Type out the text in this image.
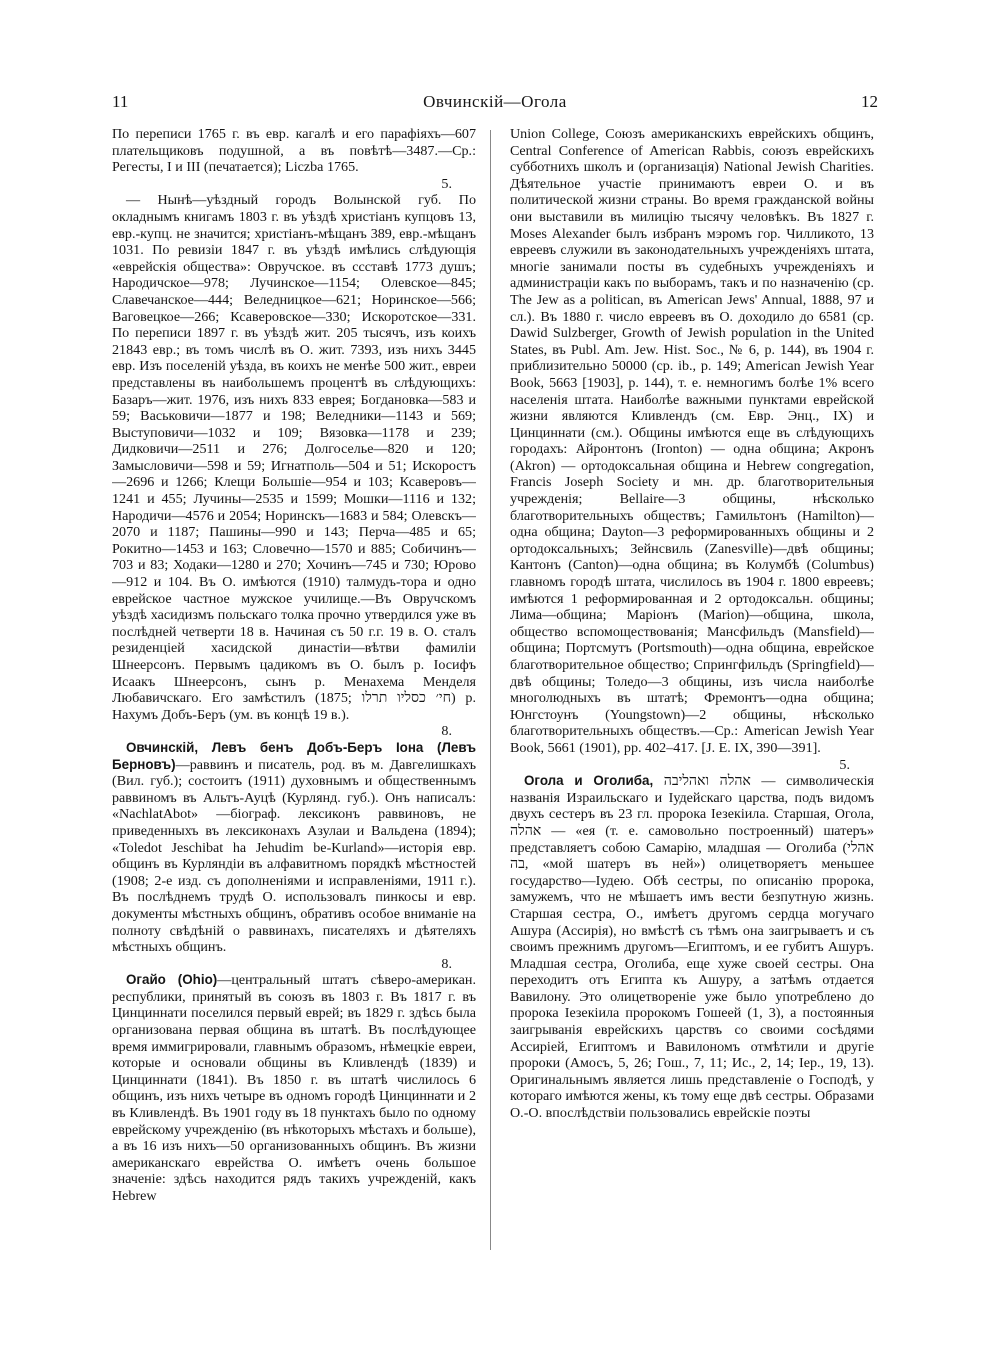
11	Овчинскій—Огола	12

По переписи 1765 г. въ евр. кагалѣ и его парафіяхъ—607 плательщиковъ подушной, а въ повѣтѣ—3487.—Ср.: Регесты, I и III (печатается); Liczba 1765.
5.

— Нынѣ—уѣздный городъ Волынской губ. По окладнымъ книгамъ 1803 г. въ уѣздѣ христіанъ купцовъ 13, евр.-купц. не значится; христіанъ-мѣщанъ 389, евр.-мѣщанъ 1031. По ревизіи 1847 г. въ уѣздѣ имѣлись слѣдующія «еврейскія общества»: Овручское. въ ссставѣ 1773 душъ; Народичское—978; Лучинское—1154; Олевское—845; Славечанское—444; Веледницкое—621; Норинское—566; Ваговецкое—266; Ксаверовское—330; Искоротское—331. По переписи 1897 г. въ уѣздѣ жит. 205 тысячъ, изъ коихъ 21843 евр.; въ томъ числѣ въ О. жит. 7393, изъ нихъ 3445 евр. Изъ поселеній уѣзда, въ коихъ не менѣе 500 жит., евреи представлены въ наибольшемъ процентѣ въ слѣдующихъ: Базаръ—жит. 1976, изъ нихъ 833 еврея; Богдановка—583 и 59; Васьковичи—1877 и 198; Веледники—1143 и 569; Выступовичи—1032 и 109; Вязовка—1178 и 239; Дидковичи—2511 и 276; Долгоселье—820 и 120; Замысловичи—598 и 59; Игнатполь—504 и 51; Искоростъ—2696 и 1266; Клещи Большіе—954 и 103; Ксаверовъ—1241 и 455; Лучины—2535 и 1599; Мошки—1116 и 132; Народичи—4576 и 2054; Норинскъ—1683 и 584; Олевскъ—2070 и 1187; Пашины—990 и 143; Перча—485 и 65; Рокитно—1453 и 163; Словечно—1570 и 885; Собичинъ—703 и 83; Ходаки—1280 и 270; Хочинъ—745 и 730; Юрово—912 и 104. Въ О. имѣются (1910) талмудъ-тора и одно еврейское частное мужское училище.—Въ Овручскомъ уѣздѣ хасидизмъ польскаго толка прочно утвердился уже въ послѣдней четверти 18 в. Начиная съ 50 г.г. 19 в. О. сталъ резиденціей хасидской династіи—вѣтви фамиліи Шнеерсонъ. Первымъ цадикомъ въ О. былъ р. Іосифъ Исаакъ Шнеерсонъ, сынъ р. Менахема Менделя Любавичскаго. Его замѣстилъ (1875; ‎חי׳ כסליו תרלו‏) р. Нахумъ Добъ-Беръ (ум. въ концѣ 19 в.).
8.

Овчинскій, Левъ бенъ Добъ-Беръ Іона (Левъ Берновъ)—раввинъ и писатель, род. въ м. Давгелишкахъ (Вил. губ.); состоитъ (1911) духовнымъ и общественнымъ раввиномъ въ Альтъ-Ауцѣ (Курлянд. губ.). Онъ написалъ: «NachlatAbot» —біограф. лексиконъ раввиновъ, не приведенныхъ въ лексиконахъ Азулаи и Вальдена (1894); «Toledot Jeschibat ha Jehudim be-Kurland»—исторія евр. общинъ въ Курляндіи въ алфавитномъ порядкѣ мѣстностей (1908; 2-е изд. съ дополненіями и исправленіями, 1911 г.). Въ послѣднемъ трудѣ О. использовалъ пинкосы и евр. документы мѣстныхъ общинъ, обративъ особое вниманіе на полноту свѣдѣній о раввинахъ, писателяхъ и дѣятеляхъ мѣстныхъ общинъ.
8.

Огайо (Ohio)—центральный штатъ сѣверо-американ. республики, принятый въ союзъ въ 1803 г. Въ 1817 г. въ Цинциннати поселился первый еврей; въ 1829 г. здѣсь была организована первая община въ штатѣ. Въ послѣдующее время иммигрировали, главнымъ образомъ, нѣмецкіе евреи, которые и основали общины въ Кливлендѣ (1839) и Цинциннати (1841). Въ 1850 г. въ штатѣ числилось 6 общинъ, изъ нихъ четыре въ одномъ городѣ Цинциннати и 2 въ Кливлендѣ. Въ 1901 году въ 18 пунктахъ было по одному еврейскому учрежденію (въ нѣкоторыхъ мѣстахъ и больше), а въ 16 изъ нихъ—50 организованныхъ общинъ. Въ жизни американскаго еврейства О. имѣетъ очень большое значеніе: здѣсь находится рядъ такихъ учрежденій, какъ Hebrew

Union College, Союзъ американскихъ еврейскихъ общинъ, Central Conference of American Rabbis, союзъ еврейскихъ субботнихъ школъ и (организація) National Jewish Charities. Дѣятельное участіе принимаютъ евреи О. и въ политической жизни страны. Во время гражданской войны они выставили въ милицію тысячу человѣкъ. Въ 1827 г. Moses Alexander былъ избранъ мэромъ гор. Чилликото, 13 евреевъ служили въ законодательныхъ учрежденіяхъ штата, многіе занимали посты въ судебныхъ учрежденіяхъ и администраціи какъ по выборамъ, такъ и по назначенію (ср. The Jew as a politican, въ American Jews' Annual, 1888, 97 и сл.). Въ 1880 г. число евреевъ въ О. доходило до 6581 (ср. Dawid Sulzberger, Growth of Jewish population in the United States, въ Publ. Am. Jew. Hist. Soc., № 6, p. 144), въ 1904 г. приблизительно 50000 (ср. ib., p. 149; American Jewish Year Book, 5663 [1903], p. 144), т. е. немногимъ болѣе 1% всего населенія штата. Наиболѣе важными пунктами еврейской жизни являются Кливлендъ (см. Евр. Энц., IX) и Цинциннати (см.). Общины имѣются еще въ слѣдующихъ городахъ: Айронтонъ (Ironton) — одна община; Акронъ (Akron) — ортодоксальная община и Hebrew congregation, Francis Joseph Society и мн. др. благотворительныя учрежденія; Bellaire—3 общины, нѣсколько благотворительныхъ обществъ; Гамильтонъ (Hamilton)—одна община; Dayton—3 реформированныхъ общины и 2 ортодоксальныхъ; Зейнсвиль (Zanesville)—двѣ общины; Кантонъ (Canton)—одна община; въ Колумбѣ (Columbus) главномъ городѣ штата, числилось въ 1904 г. 1800 евреевъ; имѣются 1 реформированная и 2 ортодоксальн. общины; Лима—община; Маріонъ (Marion)—община, школа, общество вспомоществованія; Мансфильдъ (Mansfield)—община; Портсмутъ (Portsmouth)—одна община, еврейское благотворительное общество; Спрингфильдъ (Springfield)—двѣ общины; Толедо—3 общины, изъ числа наиболѣе многолюдныхъ въ штатѣ; Фремонтъ—одна община; Юнгстоунъ (Youngstown)—2 общины, нѣсколько благотворительныхъ обществъ.—Ср.: American Jewish Year Book, 5661 (1901), pp. 402–417. [J. E. IX, 390—391].
5.

Огола и Оголиба, ‎אהלה ואהליבה‏ — символическія названія Израильскаго и Іудейскаго царства, подъ видомъ двухъ сестеръ въ 23 гл. пророка Іезекіила. Старшая, Огола, ‎אהלה‏ — «ея (т. е. самовольно построенный) шатеръ» представляетъ собою Самарію, младшая — Оголиба (‎אהלי בה‏, «мой шатеръ въ ней») олицетворяетъ меньшее государство—Іудею. Обѣ сестры, по описанію пророка, замужемъ, что не мѣшаетъ имъ вести безпутную жизнь. Старшая сестра, О., имѣетъ другомъ сердца могучаго Ашура (Ассирія), но вмѣстѣ съ тѣмъ она заигрываетъ и съ своимъ прежнимъ другомъ—Египтомъ, и ее губитъ Ашуръ. Младшая сестра, Оголиба, еще хуже своей сестры. Она переходитъ отъ Египта къ Ашуру, а затѣмъ отдается Вавилону. Это олицетвореніе уже было употреблено до пророка Іезекіила пророкомъ Гошеей (1, 3), а постоянныя заигрыванія еврейскихъ царствъ со своими сосѣдями Ассиріей, Египтомъ и Вавилономъ отмѣтили и другіе пророки (Амосъ, 5, 26; Гош., 7, 11; Ис., 2, 14; Іер., 19, 13). Оригинальнымъ является лишь представленіе о Господѣ, у котораго имѣются жены, къ тому еще двѣ сестры. Образами О.-О. впослѣдствіи пользовались еврейскіе поэты
